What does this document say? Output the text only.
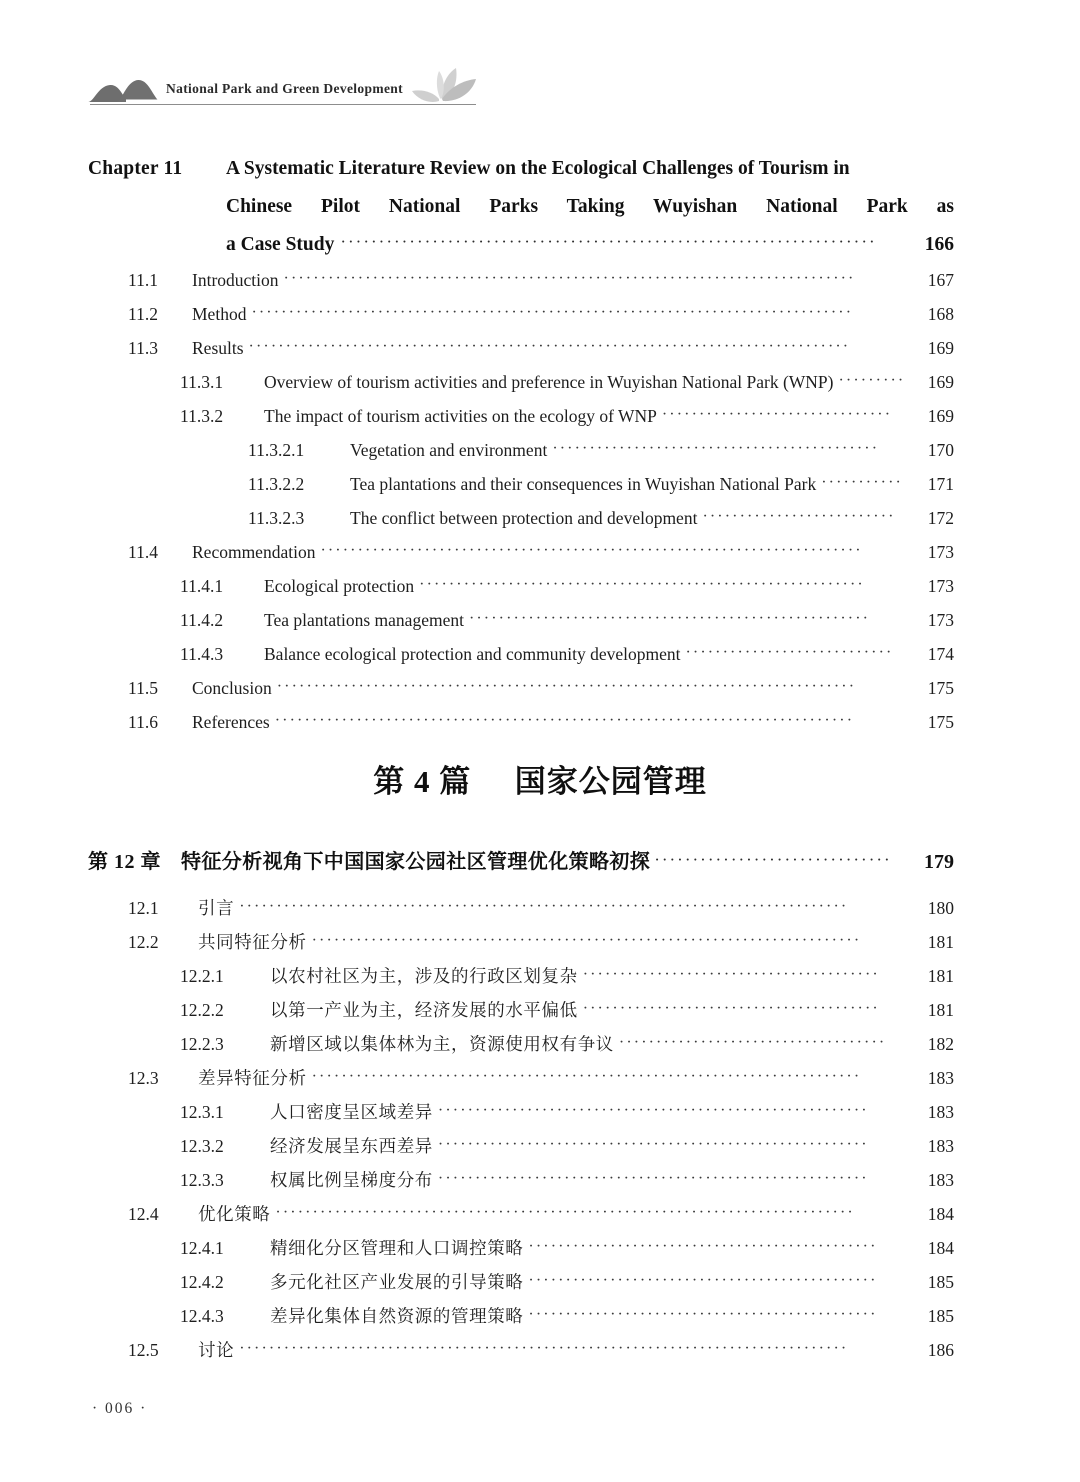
National Park and Green Development
Chapter 11	A Systematic Literature Review on the Ecological Challenges of Tourism in
Chinese Pilot National Parks Taking Wuyishan National Park as
a Case Study ······································································	166
11.1	Introduction ·············································································	167
11.2	Method ·················································································	168
11.3	Results ·················································································	169
11.3.1	Overview of tourism activities and preference in Wuyishan National Park (WNP) ·········	169
11.3.2	The impact of tourism activities on the ecology of WNP ·······························	169
11.3.2.1	Vegetation and environment ············································	170
11.3.2.2	Tea plantations and their consequences in Wuyishan National Park ···········	171
11.3.2.3	The conflict between protection and development ··························	172
11.4	Recommendation ·········································································	173
11.4.1	Ecological protection ····························································	173
11.4.2	Tea plantations management ······················································	173
11.4.3	Balance ecological protection and community development ····························	174
11.5	Conclusion ··············································································	175
11.6	References ··············································································	175
第 4 篇 国家公园管理
第 12 章	特征分析视角下中国国家公园社区管理优化策略初探 ·······························	179
12.1	引言 ··················································································	180
12.2	共同特征分析 ··········································································	181
12.2.1	以农村社区为主，涉及的行政区划复杂 ········································	181
12.2.2	以第一产业为主，经济发展的水平偏低 ········································	181
12.2.3	新增区域以集体林为主，资源使用权有争议 ····································	182
12.3	差异特征分析 ··········································································	183
12.3.1	人口密度呈区域差异 ··························································	183
12.3.2	经济发展呈东西差异 ··························································	183
12.3.3	权属比例呈梯度分布 ··························································	183
12.4	优化策略 ··············································································	184
12.4.1	精细化分区管理和人口调控策略 ···············································	184
12.4.2	多元化社区产业发展的引导策略 ···············································	185
12.4.3	差异化集体自然资源的管理策略 ···············································	185
12.5	讨论 ··················································································	186
· 006 ·
